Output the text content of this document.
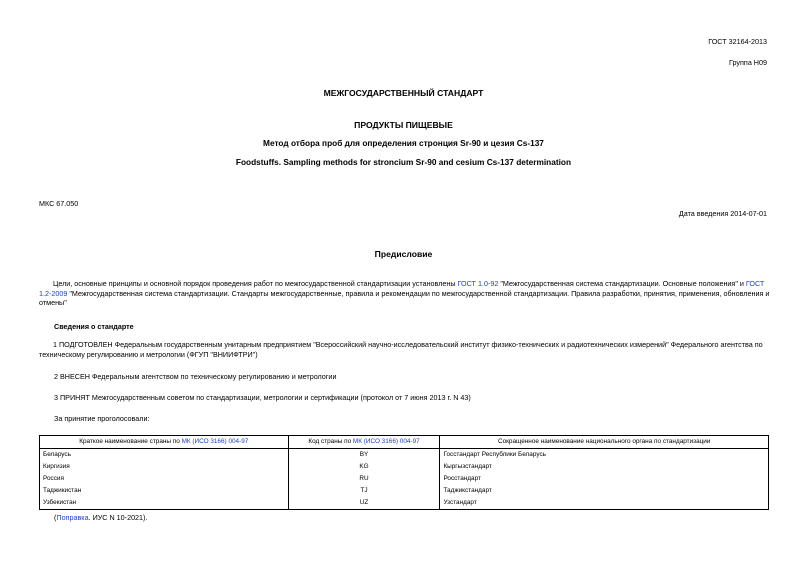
ГОСТ 32164-2013
Группа Н09
МЕЖГОСУДАРСТВЕННЫЙ СТАНДАРТ
ПРОДУКТЫ ПИЩЕВЫЕ
Метод отбора проб для определения стронция Sr-90 и цезия Cs-137
Foodstuffs. Sampling methods for stroncium Sr-90 and cesium Cs-137 determination
МКС 67.050
Дата введения 2014-07-01
Предисловие
Цели, основные принципы и основной порядок проведения работ по межгосударственной стандартизации установлены ГОСТ 1.0-92 "Межгосударственная система стандартизации. Основные положения" и ГОСТ 1.2-2009 "Межгосударственная система стандартизации. Стандарты межгосударственные, правила и рекомендации по межгосударственной стандартизации. Правила разработки, принятия, применения, обновления и отмены"
Сведения о стандарте
1 ПОДГОТОВЛЕН Федеральным государственным унитарным предприятием "Всероссийский научно-исследовательский институт физико-технических и радиотехнических измерений" Федерального агентства по техническому регулированию и метрологии (ФГУП "ВНИИФТРИ")
2 ВНЕСЕН Федеральным агентством по техническому регулированию и метрологии
3 ПРИНЯТ Межгосударственным советом по стандартизации, метрологии и сертификации (протокол от 7 июня 2013 г. N 43)
За принятие проголосовали:
Краткое наименование страны по МК (ИСО 3166) 004-97	Код страны по МК (ИСО 3166) 004-97	Сокращенное наименование национального органа по стандартизации
Беларусь	BY	Госстандарт Республики Беларусь
Киргизия	KG	Кыргызстандарт
Россия	RU	Росстандарт
Таджикистан	TJ	Таджикстандарт
Узбекистан	UZ	Узстандарт
(Поправка. ИУС N 10-2021).
